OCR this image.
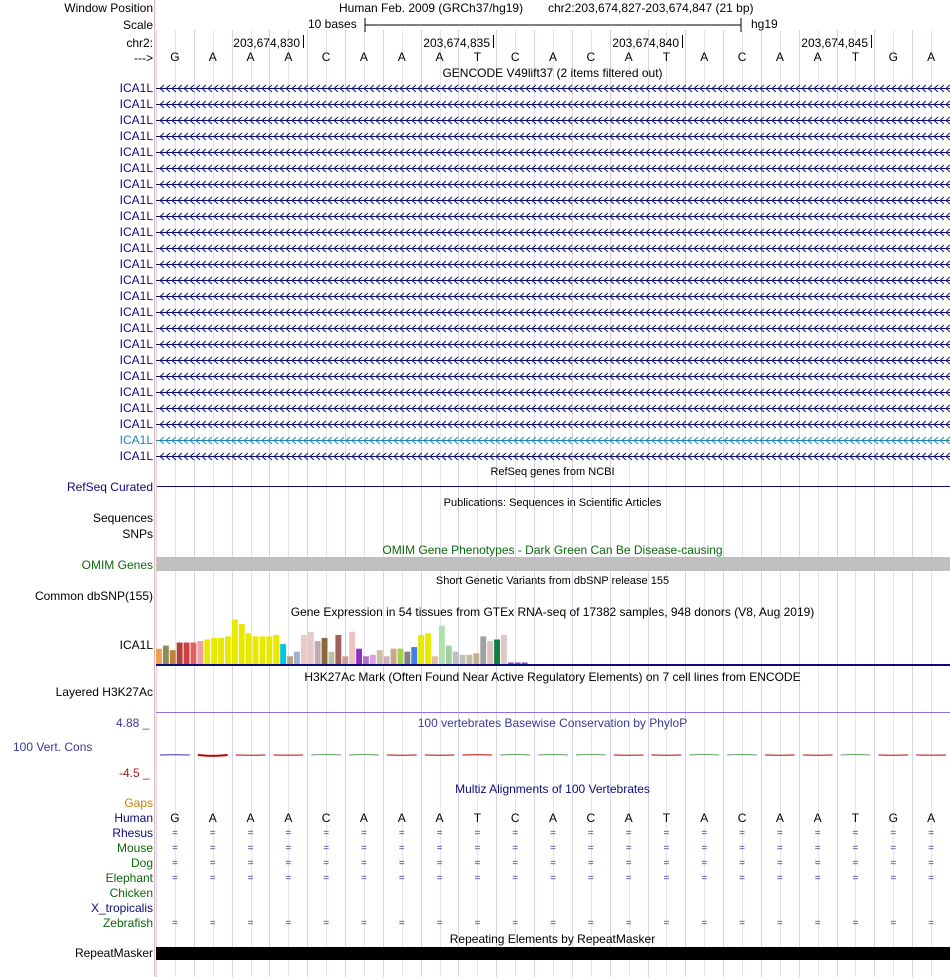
Window Position	Human Feb. 2009 (GRCh37/hg19) chr2:203,674,827-203,674,847 (21 bp)
Scale	10 bases	hg19
chr2:	203,674,830	203,674,835	203,674,840	203,674,845
--->	G	A	A	A	C	A	A	A	T	C	A	C	A	T	A	C	A	A	T	G	A
GENCODE V49lift37 (2 items filtered out)
ICA1L
ICA1L
ICA1L
ICA1L
ICA1L
ICA1L
ICA1L
ICA1L
ICA1L
ICA1L
ICA1L
ICA1L
ICA1L
ICA1L
ICA1L
ICA1L
ICA1L
ICA1L
ICA1L
ICA1L
ICA1L
ICA1L
ICA1L
ICA1L
RefSeq genes from NCBI
RefSeq Curated
Publications: Sequences in Scientific Articles
Sequences
SNPs
OMIM Gene Phenotypes - Dark Green Can Be Disease-causing
OMIM Genes
Short Genetic Variants from dbSNP release 155
Common dbSNP(155)
Gene Expression in 54 tissues from GTEx RNA-seq of 17382 samples, 948 donors (V8, Aug 2019)
ICA1L
H3K27Ac Mark (Often Found Near Active Regulatory Elements) on 7 cell lines from ENCODE
Layered H3K27Ac
4.88 _	100 vertebrates Basewise Conservation by PhyloP
100 Vert. Cons
-4.5 _
Multiz Alignments of 100 Vertebrates
Gaps
Human	G	A	A	A	C	A	A	A	T	C	A	C	A	T	A	C	A	A	T	G	A
Rhesus	=	=	=	=	=	=	=	=	=	=	=	=	=	=	=	=	=	=	=	=	=
Mouse	=	=	=	=	=	=	=	=	=	=	=	=	=	=	=	=	=	=	=	=	=
Dog	=	=	=	=	=	=	=	=	=	=	=	=	=	=	=	=	=	=	=	=	=
Elephant	=	=	=	=	=	=	=	=	=	=	=	=	=	=	=	=	=	=	=	=	=
Chicken
X_tropicalis
Zebrafish	=	=	=	=	=	=	=	=	=	=	=	=	=	=	=	=	=	=	=	=	=
Repeating Elements by RepeatMasker
RepeatMasker
